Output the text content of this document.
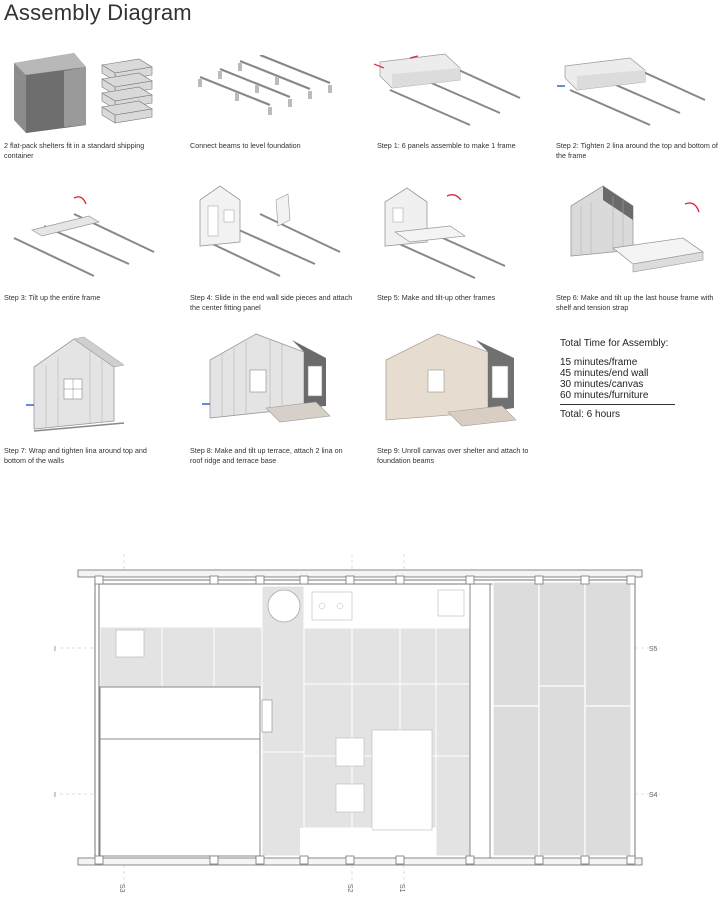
Assembly Diagram
2 flat-pack shelters fit in a standard shipping container
Connect beams to level foundation	Step 1: 6 panels assemble to make 1 frame	Step 2: Tighten 2 lina around the top and bottom of the frame
Step 3: Tilt up the entire frame	Step 4: Slide in the end wall side pieces and attach the center fitting panel
Step 5: Make and tilt-up other frames	Step 6: Make and tilt up the last house frame with shelf and tension strap
Step 7: Wrap and tighten lina around top and bottom of the walls
Step 8: Make and tilt up terrace, attach 2 lina on roof ridge and terrace base
Step 9: Unroll canvas over shelter and attach to foundation beams
Total Time for Assembly:
15 minutes/frame
45 minutes/end wall
30 minutes/canvas
60 minutes/furniture
Total: 6 hours
I
I
S5
S4
S3	S2	S1
